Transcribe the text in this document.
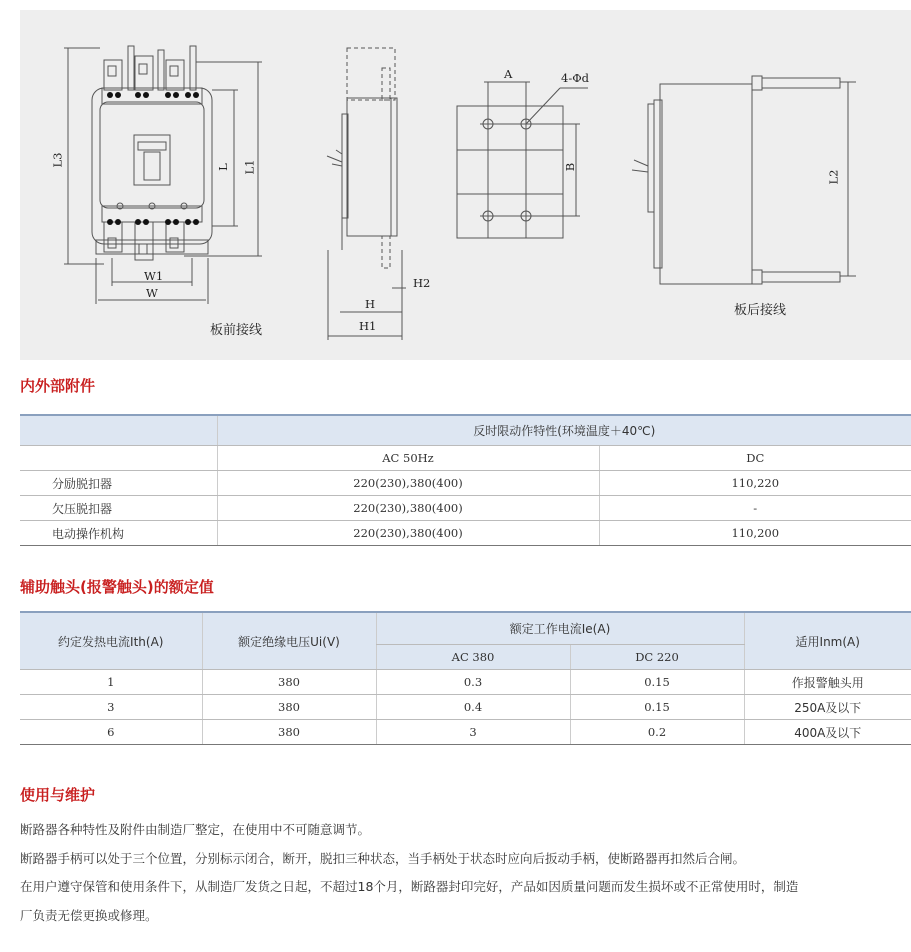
L3	L L1
W1
W
H
H1
H2
A	4-Φd
B
L2
板前接线
板后接线
内外部附件
	反时限动作特性(环境温度＋40℃)	
	AC 50Hz	DC
分励脱扣器	220(230),380(400)	110,220
欠压脱扣器	220(230),380(400)	-
电动操作机构	220(230),380(400)	110,200
辅助触头(报警触头)的额定值
约定发热电流Ith(A)	额定绝缘电压Ui(V)	额定工作电流Ie(A)		适用Inm(A)
		AC 380	DC 220	
1	380	0.3	0.15	作报警触头用
3	380	0.4	0.15	250A及以下
6	380	3	0.2	400A及以下
使用与维护
断路器各种特性及附件由制造厂整定，在使用中不可随意调节。
断路器手柄可以处于三个位置，分别标示闭合，断开，脱扣三种状态，当手柄处于状态时应向后扳动手柄，使断路器再扣然后合闸。
在用户遵守保管和使用条件下，从制造厂发货之日起，不超过18个月，断路器封印完好，产品如因质量问题而发生损坏或不正常使用时，制造
厂负责无偿更换或修理。
